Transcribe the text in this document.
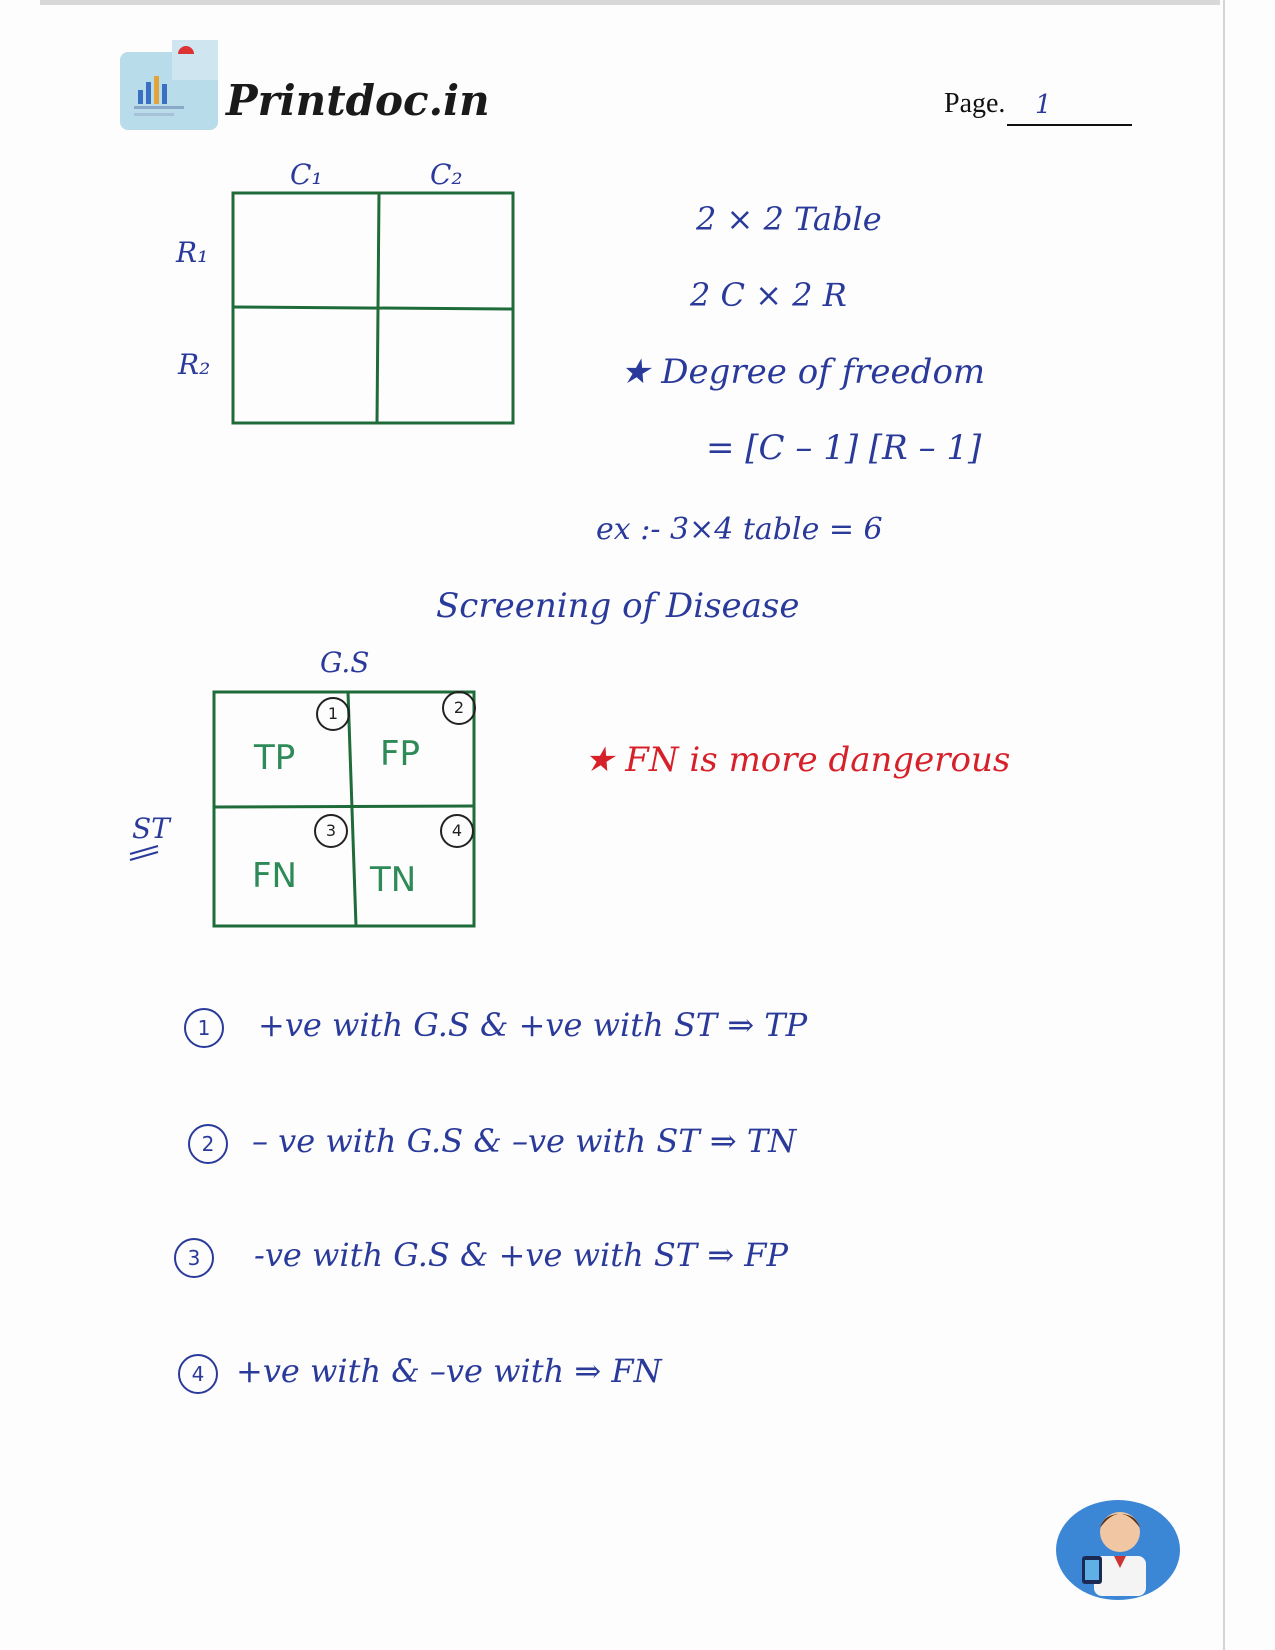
Printdoc.in	Page. 1
C₁	C₂
R₁
R₂
2 × 2 Table
2 C × 2 R
★ Degree of freedom
= [C – 1] [R – 1]
ex :- 3×4 table = 6
Screening of Disease
G.S
ST
1	2
3	4
TP FP
FN TN
★ FN is more dangerous
1	+ve with G.S & +ve with ST ⇒ TP
2	– ve with G.S & –ve with ST ⇒ TN
3	-ve with G.S & +ve with ST ⇒ FP
4 +ve with & –ve with ⇒ FN
